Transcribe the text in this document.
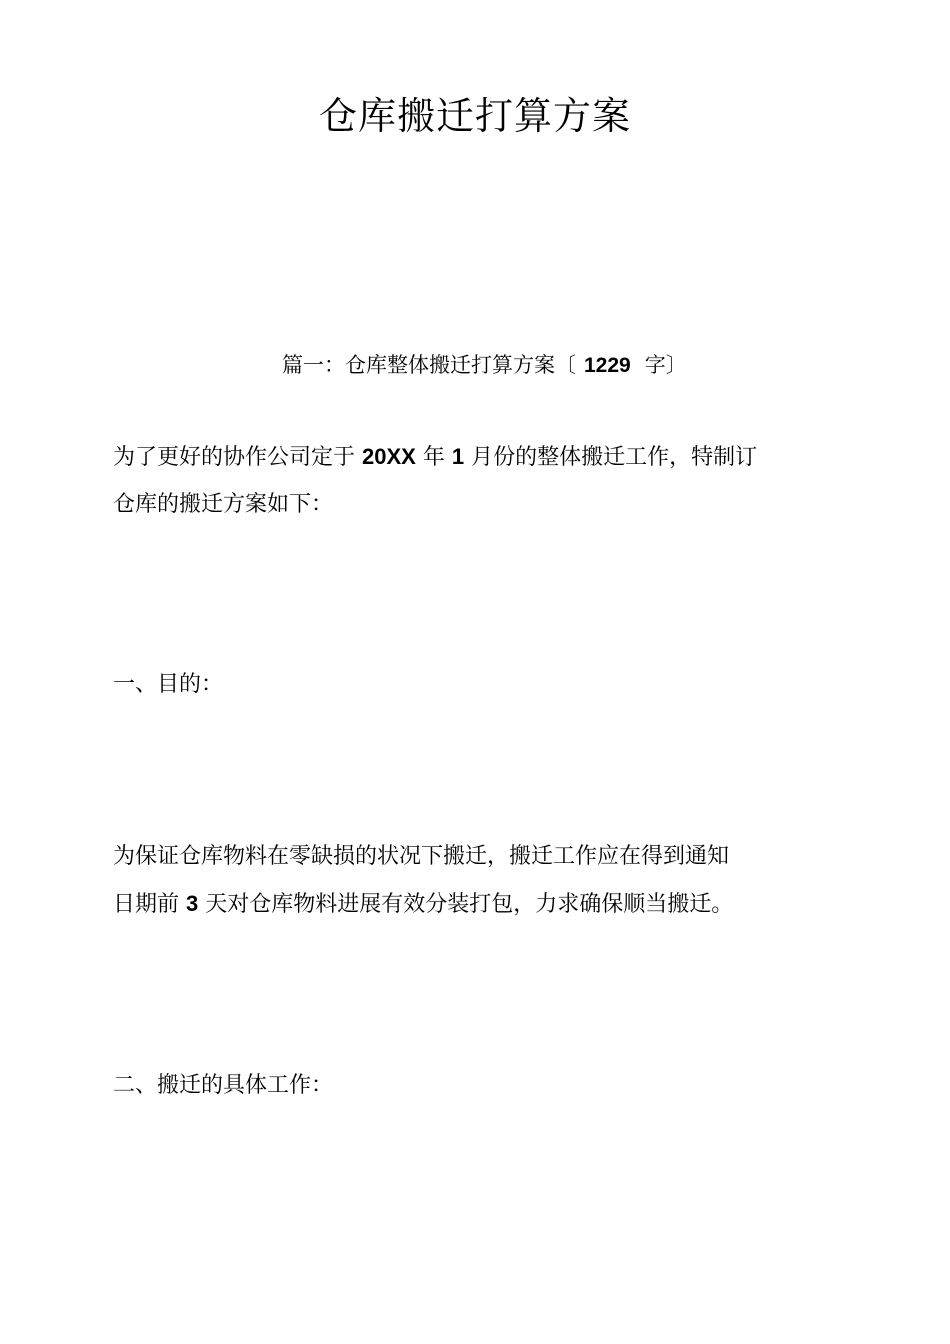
仓库搬迁打算方案
篇一：仓库整体搬迁打算方案〔 1229 字〕
为了更好的协作公司定于 20XX 年 1 月份的整体搬迁工作，特制订
仓库的搬迁方案如下：
一、目的：
为保证仓库物料在零缺损的状况下搬迁，搬迁工作应在得到通知
日期前 3 天对仓库物料进展有效分装打包，力求确保顺当搬迁。
二、搬迁的具体工作：
